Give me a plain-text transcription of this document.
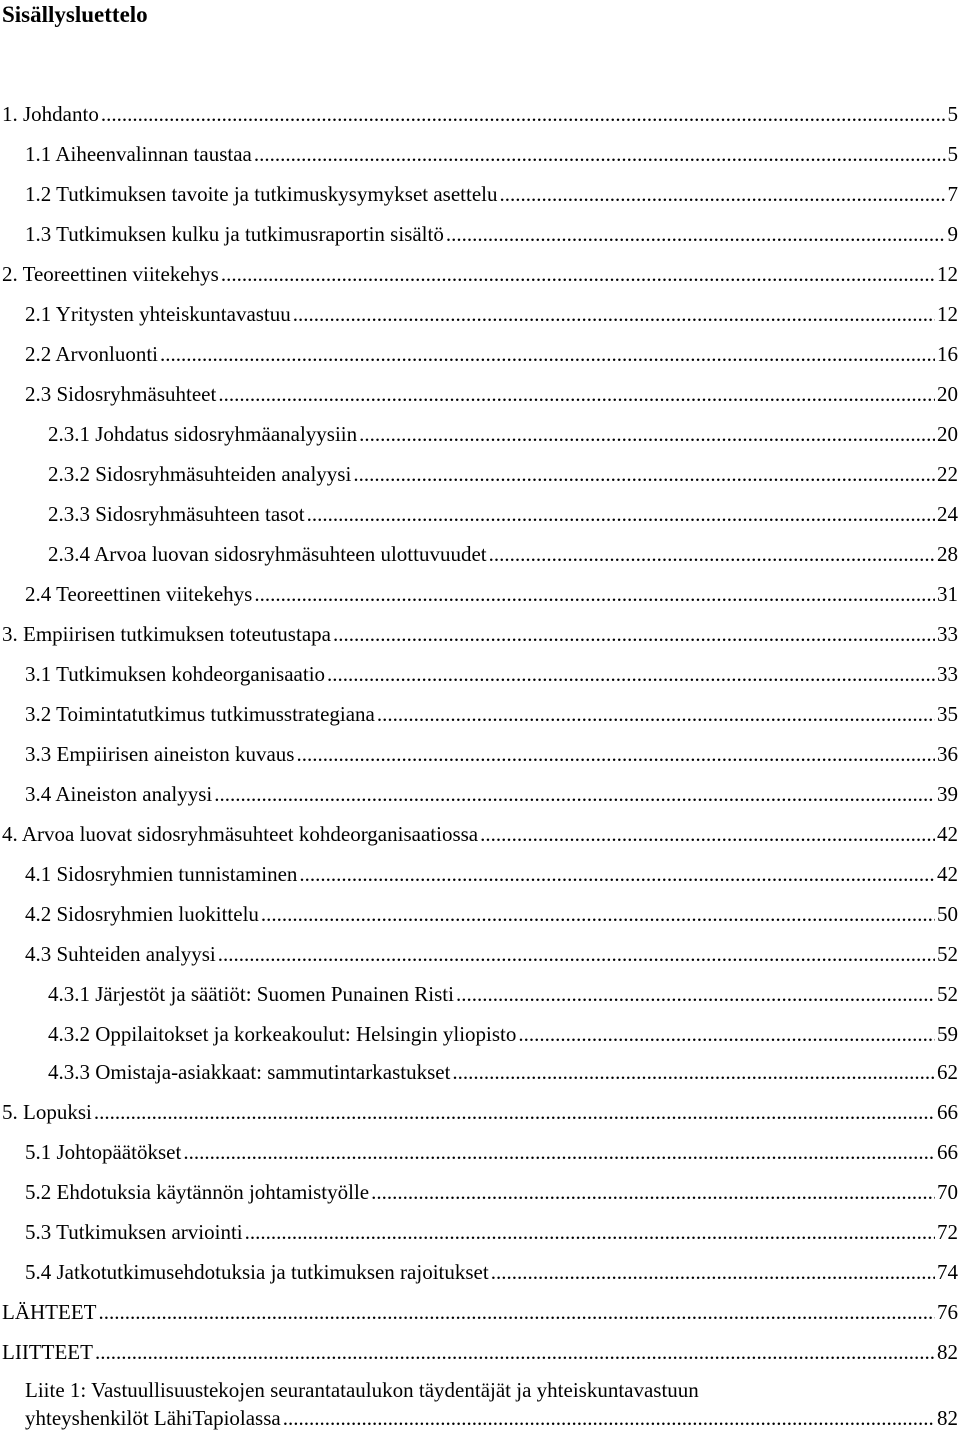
Sisällysluettelo
1. Johdanto .....	5
1.1 Aiheenvalinnan taustaa .....	5
1.2 Tutkimuksen tavoite ja tutkimuskysymykset asettelu .....	7
1.3 Tutkimuksen kulku ja tutkimusraportin sisältö .....	9
2. Teoreettinen viitekehys .....	12
2.1 Yritysten yhteiskuntavastuu .....	12
2.2 Arvonluonti .....	16
2.3 Sidosryhmäsuhteet .....	20
2.3.1 Johdatus sidosryhmäanalyysiin .....	20
2.3.2 Sidosryhmäsuhteiden analyysi .....	22
2.3.3 Sidosryhmäsuhteen tasot .....	24
2.3.4 Arvoa luovan sidosryhmäsuhteen ulottuvuudet .....	28
2.4 Teoreettinen viitekehys .....	31
3. Empiirisen tutkimuksen toteutustapa .....	33
3.1 Tutkimuksen kohdeorganisaatio .....	33
3.2 Toimintatutkimus tutkimusstrategiana .....	35
3.3 Empiirisen aineiston kuvaus .....	36
3.4 Aineiston analyysi .....	39
4. Arvoa luovat sidosryhmäsuhteet kohdeorganisaatiossa .....	42
4.1 Sidosryhmien tunnistaminen .....	42
4.2 Sidosryhmien luokittelu .....	50
4.3 Suhteiden analyysi .....	52
4.3.1 Järjestöt ja säätiöt: Suomen Punainen Risti .....	52
4.3.2 Oppilaitokset ja korkeakoulut: Helsingin yliopisto .....	59
4.3.3 Omistaja-asiakkaat: sammutintarkastukset .....	62
5. Lopuksi .....	66
5.1 Johtopäätökset .....	66
5.2 Ehdotuksia käytännön johtamistyölle .....	70
5.3 Tutkimuksen arviointi .....	72
5.4 Jatkotutkimusehdotuksia ja tutkimuksen rajoitukset .....	74
LÄHTEET .....	76
LIITTEET .....	82
Liite 1: Vastuullisuustekojen seurantataulukon täydentäjät ja yhteiskuntavastuun
yhteyshenkilöt LähiTapiolassa .....	82
